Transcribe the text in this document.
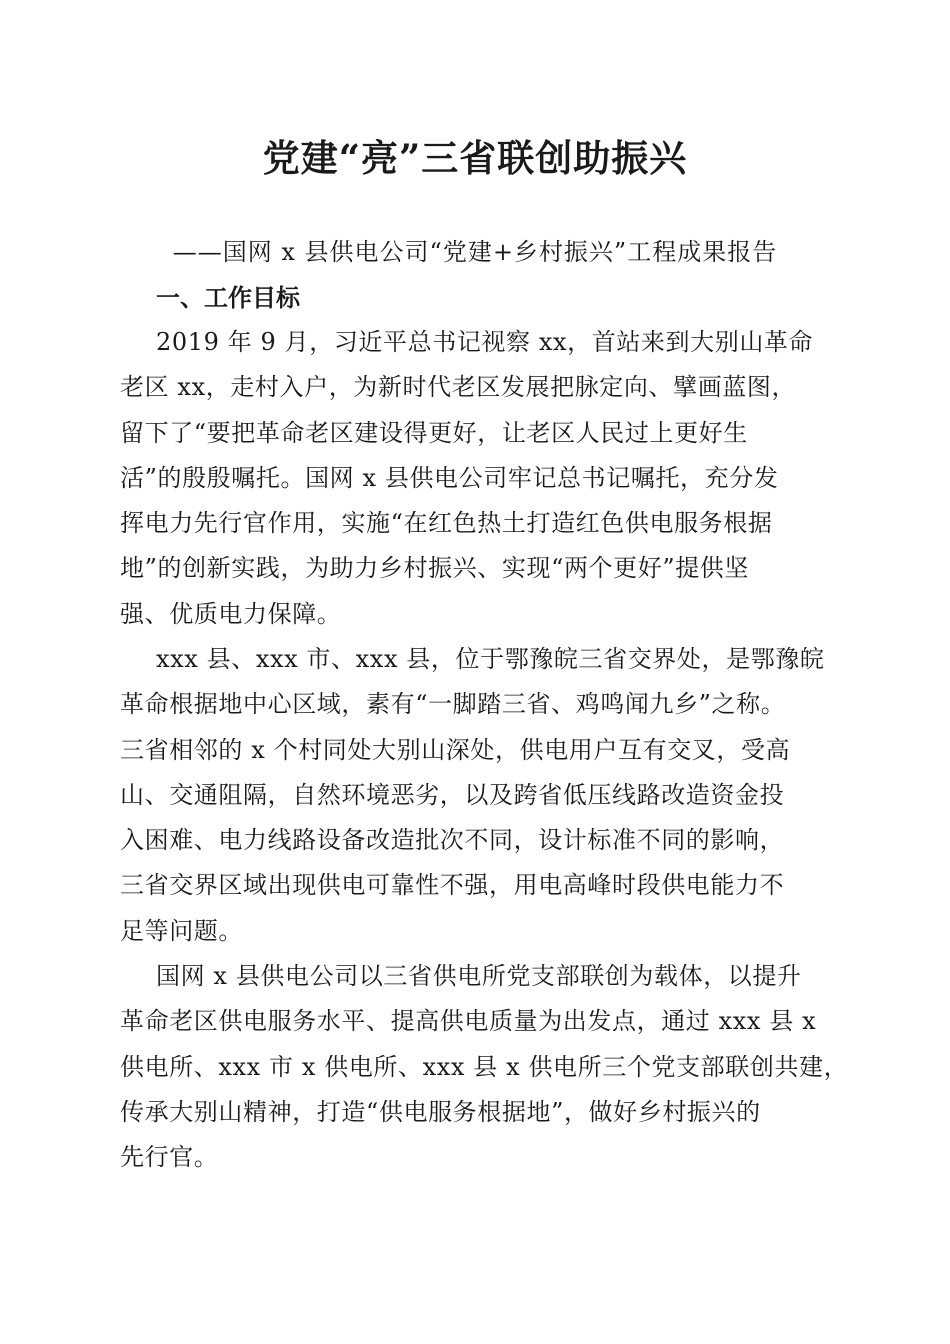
党建“亮”三省联创助振兴
——国网 x 县供电公司“党建+乡村振兴”工程成果报告
一、工作目标
2019 年 9 月，习近平总书记视察 xx，首站来到大别山革命
老区 xx，走村入户，为新时代老区发展把脉定向、擘画蓝图，
留下了“要把革命老区建设得更好，让老区人民过上更好生
活”的殷殷嘱托。国网 x 县供电公司牢记总书记嘱托，充分发
挥电力先行官作用，实施“在红色热土打造红色供电服务根据
地”的创新实践，为助力乡村振兴、实现“两个更好”提供坚
强、优质电力保障。
xxx 县、xxx 市、xxx 县，位于鄂豫皖三省交界处，是鄂豫皖
革命根据地中心区域，素有“一脚踏三省、鸡鸣闻九乡”之称。
三省相邻的 x 个村同处大别山深处，供电用户互有交叉，受高
山、交通阻隔，自然环境恶劣，以及跨省低压线路改造资金投
入困难、电力线路设备改造批次不同，设计标准不同的影响，
三省交界区域出现供电可靠性不强，用电高峰时段供电能力不
足等问题。
国网 x 县供电公司以三省供电所党支部联创为载体，以提升
革命老区供电服务水平、提高供电质量为出发点，通过 xxx 县 x
供电所、xxx 市 x 供电所、xxx 县 x 供电所三个党支部联创共建，
传承大别山精神，打造“供电服务根据地”，做好乡村振兴的
先行官。
